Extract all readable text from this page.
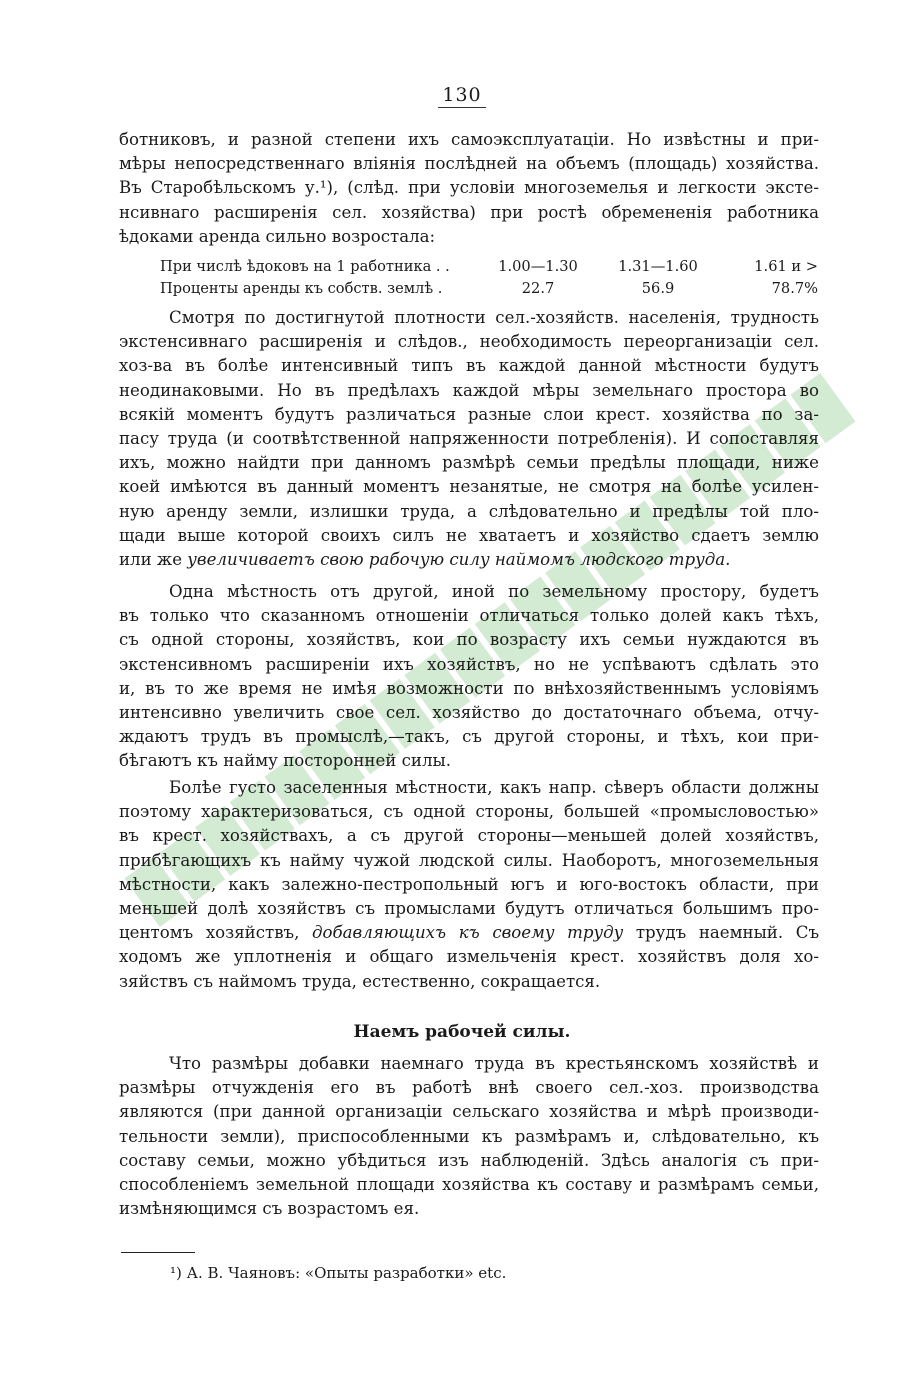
130
ботниковъ, и разной степени ихъ самоэксплуатаціи. Но извѣстны и при-
мѣры непосредственнаго вліянія послѣдней на объемъ (площадь) хозяйства.
Въ Старобѣльскомъ у.¹), (слѣд. при условіи многоземелья и легкости экстe-
нсивнаго расширенія сел. хозяйства) при ростѣ обремененія работника
ѣдоками аренда сильно возростала:
При числѣ ѣдоковъ на 1 работника . .	1.00—1.30	1.31—1.60	1.61 и >
Проценты аренды къ собств. землѣ .	22.7	56.9	78.7%
Смотря по достигнутой плотности сел.-хозяйств. населенія, трудность
экстенсивнаго расширенія и слѣдов., необходимость переорганизаціи сел.
хоз-ва въ болѣе интенсивный типъ въ каждой данной мѣстности будутъ
неодинаковыми. Но въ предѣлахъ каждой мѣры земельнаго простора во
всякій моментъ будутъ различаться разные слои крест. хозяйства по за-
пасу труда (и соотвѣтственной напряженности потребленія). И сопоставляя
ихъ, можно найдти при данномъ размѣрѣ семьи предѣлы площади, ниже
коей имѣются въ данный моментъ незанятые, не смотря на болѣе усилен-
ную аренду земли, излишки труда, а слѣдовательно и предѣлы той пло-
щади выше которой своихъ силъ не хватаетъ и хозяйство сдаетъ землю
или же увеличиваетъ свою рабочую силу наймомъ людского труда.
Одна мѣстность отъ другой, иной по земельному простору, будетъ
въ только что сказанномъ отношеніи отличаться только долей какъ тѣхъ,
съ одной стороны, хозяйствъ, кои по возрасту ихъ семьи нуждаются въ
экстенсивномъ расширеніи ихъ хозяйствъ, но не успѣваютъ сдѣлать это
и, въ то же время не имѣя возможности по внѣхозяйственнымъ условіямъ
интенсивно увеличить свое сел. хозяйство до достаточнаго объема, отчу-
ждаютъ трудъ въ промыслѣ,—такъ, съ другой стороны, и тѣхъ, кои при-
бѣгаютъ къ найму посторонней силы.
Болѣе густо заселенныя мѣстности, какъ напр. сѣверъ области должны
поэтому характеризоваться, съ одной стороны, большей «промысловостью»
въ крест. хозяйствахъ, а съ другой стороны—меньшей долей хозяйствъ,
прибѣгающихъ къ найму чужой людской силы. Наоборотъ, многоземельныя
мѣстности, какъ залежно-пестропольный югъ и юго-востокъ области, при
меньшей долѣ хозяйствъ съ промыслами будутъ отличаться большимъ про-
центомъ хозяйствъ, добавляющихъ къ своему труду трудъ наемный. Съ
ходомъ же уплотненія и общаго измельченія крест. хозяйствъ доля хо-
зяйствъ съ наймомъ труда, естественно, сокращается.
Наемъ рабочей силы.
Что размѣры добавки наемнаго труда въ крестьянскомъ хозяйствѣ и
размѣры отчужденія его въ работѣ внѣ своего сел.-хоз. производства
являются (при данной организаціи сельскаго хозяйства и мѣрѣ производи-
тельности земли), приспособленными къ размѣрамъ и, слѣдовательно, къ
составу семьи, можно убѣдиться изъ наблюденій. Здѣсь аналогія съ при-
способленіемъ земельной площади хозяйства къ составу и размѣрамъ семьи,
измѣняющимся съ возрастомъ ея.
¹) А. В. Чаяновъ: «Опыты разработки» etc.
